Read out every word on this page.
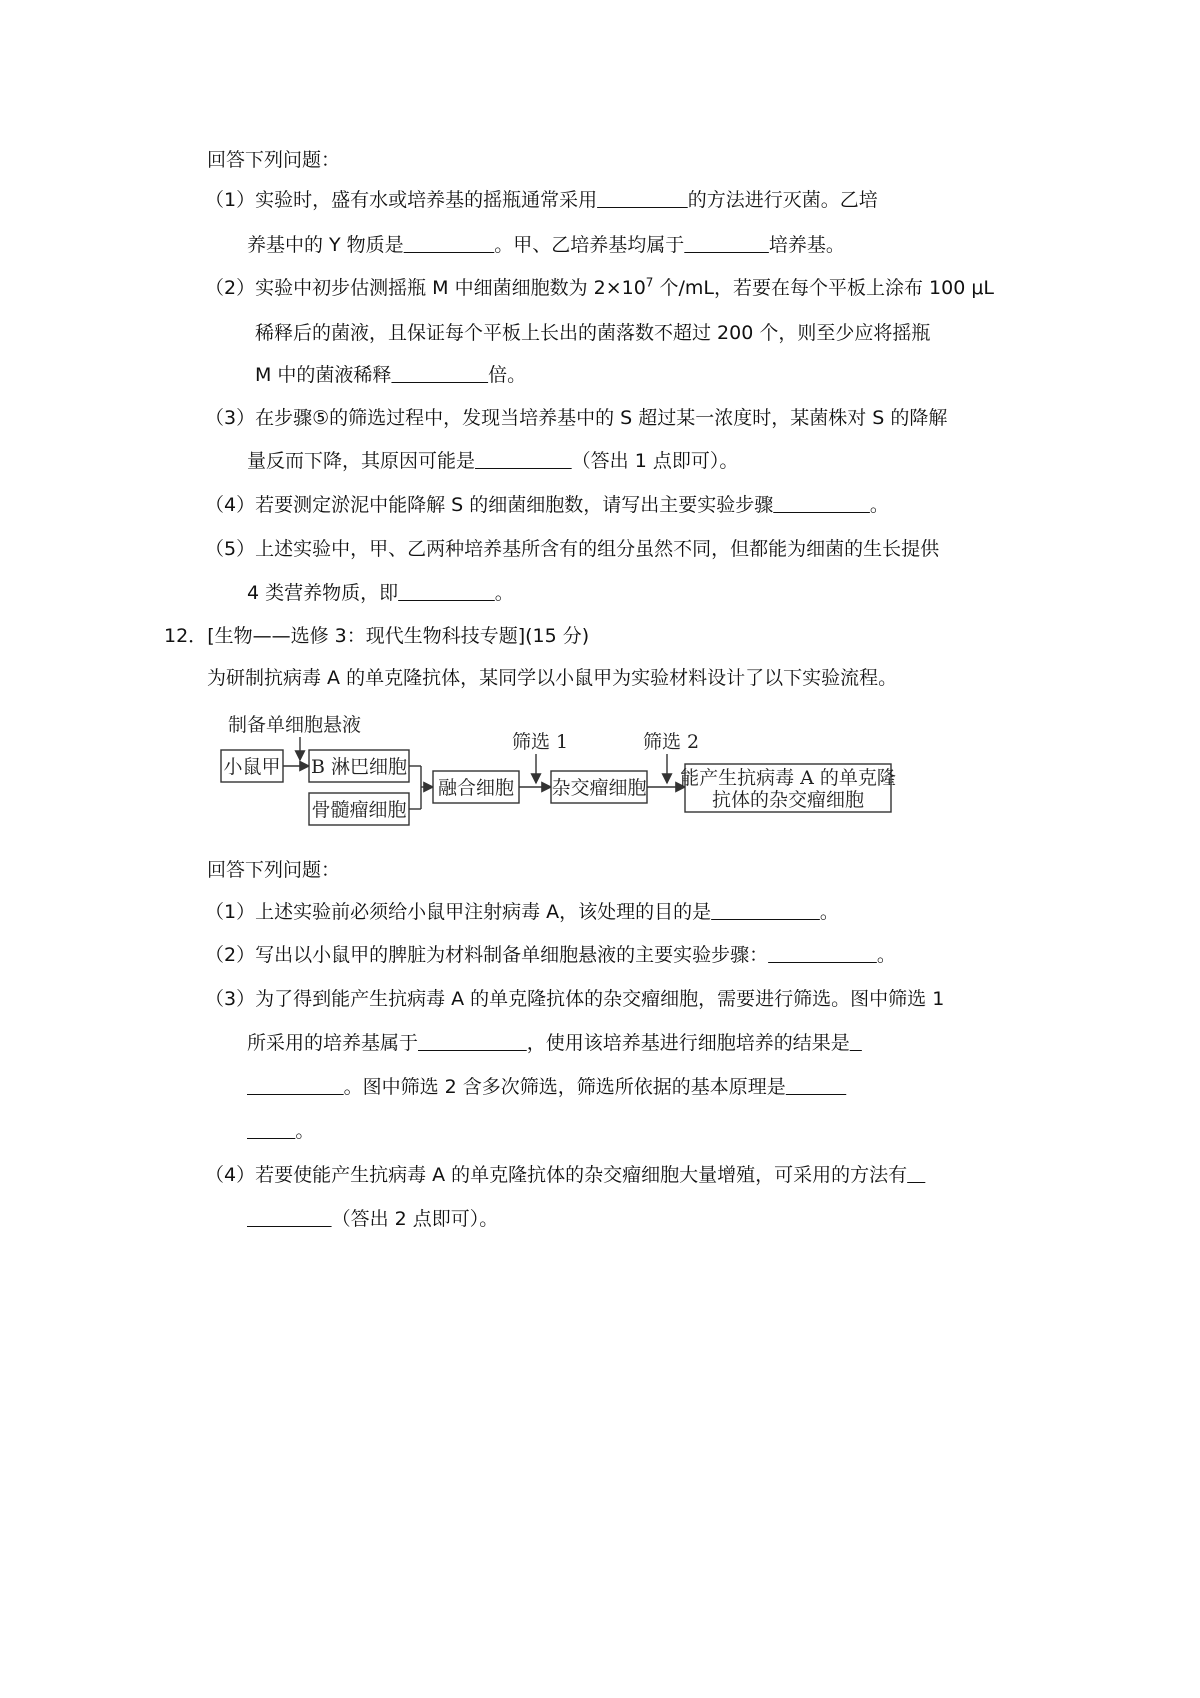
回答下列问题：
（1）实验时，盛有水或培养基的摇瓶通常采用	的方法进行灭菌。乙培
养基中的 Y 物质是	。甲、乙培养基均属于	培养基。
（2）实验中初步估测摇瓶 M 中细菌细胞数为 $2\times 10^7$ 个/mL，若要在每个平板上涂布 100 μL
稀释后的菌液，且保证每个平板上长出的菌落数不超过 200 个，则至少应将摇瓶
M 中的菌液稀释	倍。
（3）在步骤⑤的筛选过程中，发现当培养基中的 S 超过某一浓度时，某菌株对 S 的降解
量反而下降，其原因可能是	（答出 1 点即可）。
（4）若要测定淤泥中能降解 S 的细菌细胞数，请写出主要实验步骤	。
（5）上述实验中，甲、乙两种培养基所含有的组分虽然不同，但都能为细菌的生长提供
4 类营养物质，即	。
12．[生物——选修 3：现代生物科技专题](15 分)
为研制抗病毒 A 的单克隆抗体，某同学以小鼠甲为实验材料设计了以下实验流程。
制备单细胞悬液
小鼠甲 B 淋巴细胞
骨髓瘤细胞
融合细胞
筛选 1
杂交瘤细胞
筛选 2
能产生抗病毒 A 的单克隆
抗体的杂交瘤细胞
回答下列问题：
（1）上述实验前必须给小鼠甲注射病毒 A，该处理的目的是	。
（2）写出以小鼠甲的脾脏为材料制备单细胞悬液的主要实验步骤：	。
（3）为了得到能产生抗病毒 A 的单克隆抗体的杂交瘤细胞，需要进行筛选。图中筛选 1
所采用的培养基属于	，使用该培养基进行细胞培养的结果是
。图中筛选 2 含多次筛选，筛选所依据的基本原理是
。
（4）若要使能产生抗病毒 A 的单克隆抗体的杂交瘤细胞大量增殖，可采用的方法有
（答出 2 点即可）。
